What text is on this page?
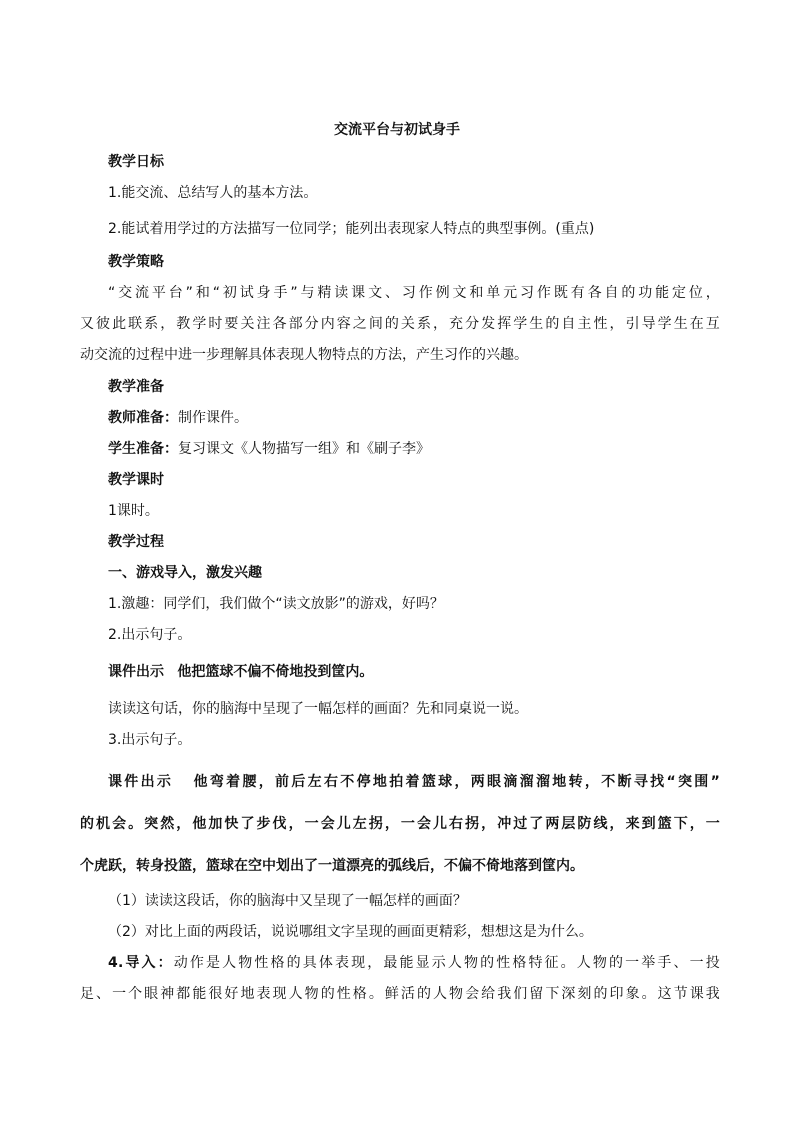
交流平台与初试身手

教学日标

1.能交流、总结写人的基本方法。

2.能试着用学过的方法描写一位同学；能列出表现家人特点的典型事例。(重点)

教学策略

“交流平台”和“初试身手”与精读课文、习作例文和单元习作既有各自的功能定位，

又彼此联系，教学时要关注各部分内容之间的关系，充分发挥学生的自主性，引导学生在互

动交流的过程中进一步理解具体表现人物特点的方法，产生习作的兴趣。

教学准备

教师准备：制作课件。

学生准备：复习课文《人物描写一组》和《刷子李》

教学课时

1课时。

教学过程

一、游戏导入，激发兴趣

1.激趣：同学们，我们做个“读文放影”的游戏，好吗？

2.出示句子。

课件出示 他把篮球不偏不倚地投到筐内。

读读这句话，你的脑海中呈现了一幅怎样的画面？先和同桌说一说。

3.出示句子。

课件出示 他弯着腰，前后左右不停地拍着篮球，两眼滴溜溜地转，不断寻找“突围”

的机会。突然，他加快了步伐，一会儿左拐，一会儿右拐，冲过了两层防线，来到篮下，一

个虎跃，转身投篮，篮球在空中划出了一道漂亮的弧线后，不偏不倚地落到筐内。

（1）读读这段话，你的脑海中又呈现了一幅怎样的画面？

（2）对比上面的两段话，说说哪组文字呈现的画面更精彩，想想这是为什么。

4.导入：动作是人物性格的具体表现，最能显示人物的性格特征。人物的一举手、一投

足、一个眼神都能很好地表现人物的性格。鲜活的人物会给我们留下深刻的印象。这节课我
